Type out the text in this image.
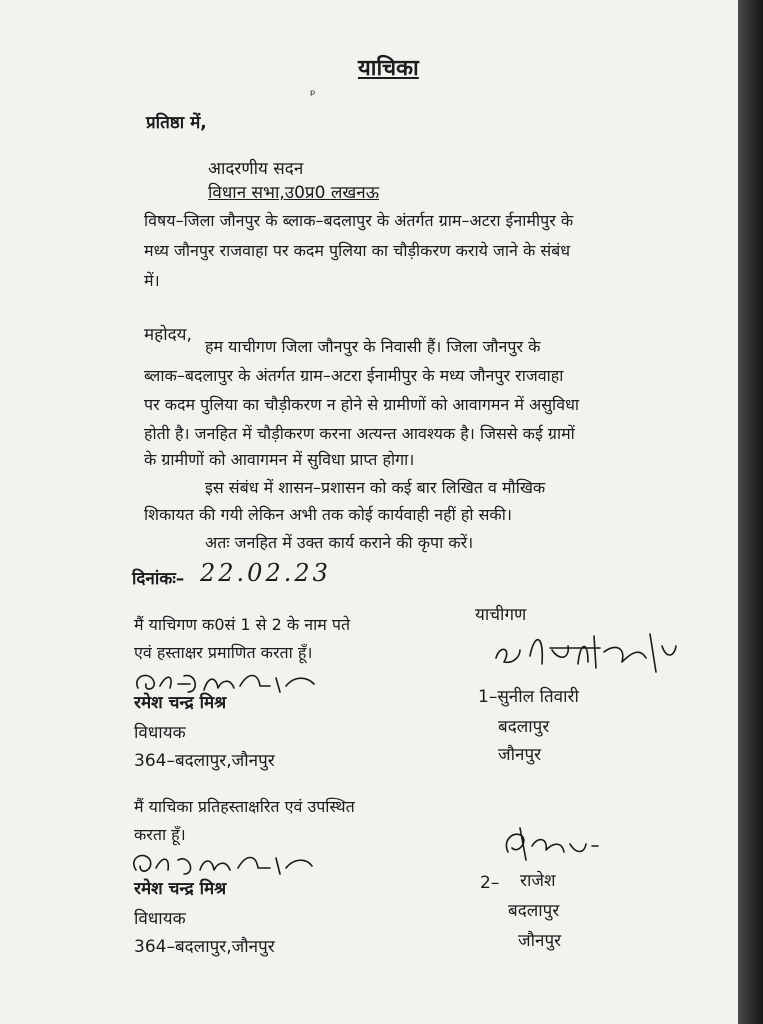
याचिका
ᵖ
प्रतिष्ठा में,
आदरणीय सदन
विधान सभा,उ0प्र0 लखनऊ
विषय–जिला जौनपुर के ब्लाक–बदलापुर के अंतर्गत ग्राम–अटरा ईनामीपुर के
मध्य जौनपुर राजवाहा पर कदम पुलिया का चौड़ीकरण कराये जाने के संबंध
में।
महोदय,
हम याचीगण जिला जौनपुर के निवासी हैं। जिला जौनपुर के
ब्लाक–बदलापुर के अंतर्गत ग्राम–अटरा ईनामीपुर के मध्य जौनपुर राजवाहा
पर कदम पुलिया का चौड़ीकरण न होने से ग्रामीणों को आवागमन में असुविधा
होती है। जनहित में चौड़ीकरण करना अत्यन्त आवश्यक है। जिससे कई ग्रामों
के ग्रामीणों को आवागमन में सुविधा प्राप्त होगा।
इस संबंध में शासन–प्रशासन को कई बार लिखित व मौखिक
शिकायत की गयी लेकिन अभी तक कोई कार्यवाही नहीं हो सकी।
अतः जनहित में उक्त कार्य कराने की कृपा करें।
दिनांकः– 22.02.23
मैं याचिगण क0सं 1 से 2 के नाम पते
एवं हस्ताक्षर प्रमाणित करता हूँ।
रमेश चन्द्र मिश्र
विधायक
364–बदलापुर,जौनपुर
याचीगण
1–सुनील तिवारी
बदलापुर
जौनपुर
मैं याचिका प्रतिहस्ताक्षरित एवं उपस्थित
करता हूँ।
रमेश चन्द्र मिश्र
विधायक
364–बदलापुर,जौनपुर
2– राजेश
बदलापुर
जौनपुर
